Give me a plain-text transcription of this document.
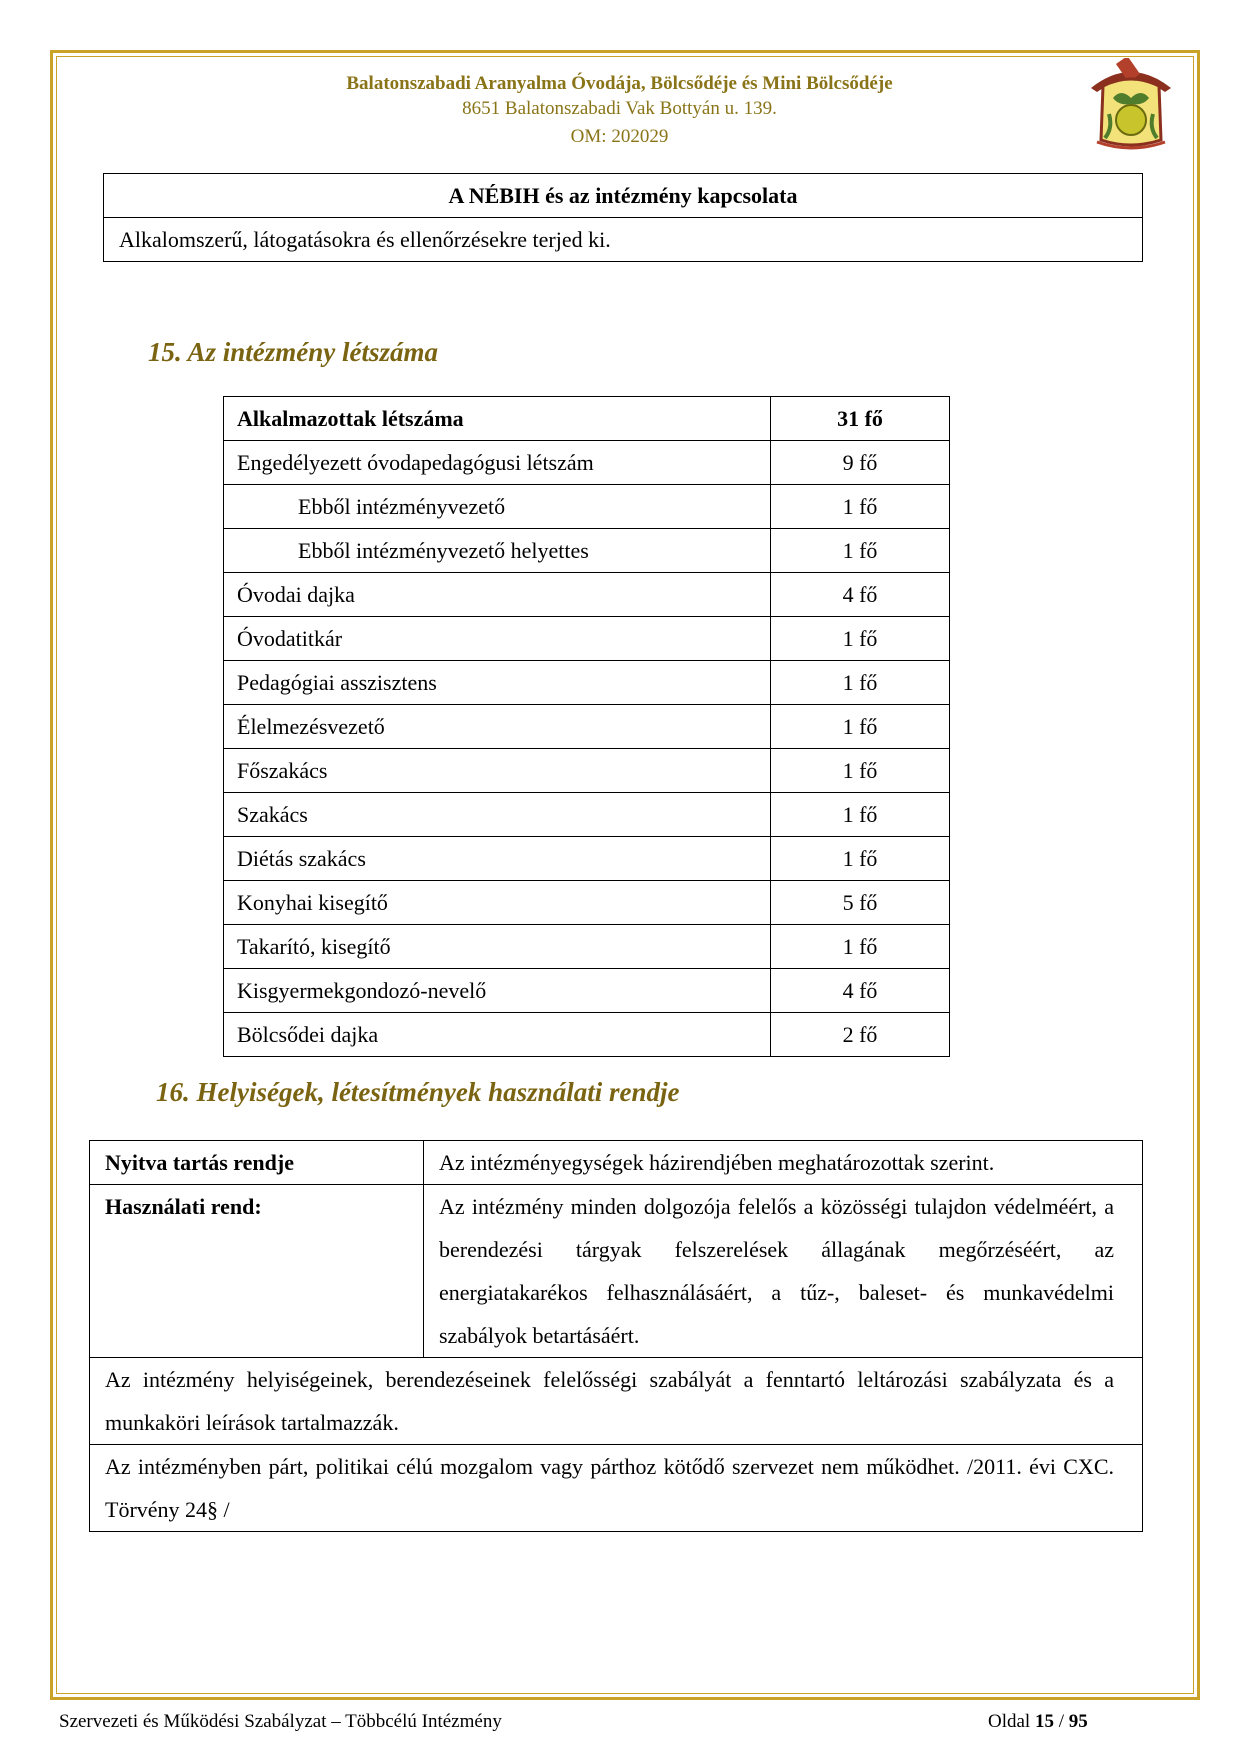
Balatonszabadi Aranyalma Óvodája, Bölcsődéje és Mini Bölcsődéje
8651 Balatonszabadi Vak Bottyán u. 139.
OM: 202029
A NÉBIH és az intézmény kapcsolata
Alkalomszerű, látogatásokra és ellenőrzésekre terjed ki.
15. Az intézmény létszáma
Alkalmazottak létszáma	31 fő
Engedélyezett óvodapedagógusi létszám	9 fő
Ebből intézményvezető	1 fő
Ebből intézményvezető helyettes	1 fő
Óvodai dajka	4 fő
Óvodatitkár	1 fő
Pedagógiai asszisztens	1 fő
Élelmezésvezető	1 fő
Főszakács	1 fő
Szakács	1 fő
Diétás szakács	1 fő
Konyhai kisegítő	5 fő
Takarító, kisegítő	1 fő
Kisgyermekgondozó-nevelő	4 fő
Bölcsődei dajka	2 fő
16. Helyiségek, létesítmények használati rendje
Nyitva tartás rendje	Az intézményegységek házirendjében meghatározottak szerint.
Használati rend:	Az intézmény minden dolgozója felelős a közösségi tulajdon védelméért, a berendezési tárgyak felszerelések állagának megőrzéséért, az energiatakarékos felhasználásáért, a tűz-, baleset- és munkavédelmi szabályok betartásáért.
Az intézmény helyiségeinek, berendezéseinek felelősségi szabályát a fenntartó leltározási szabályzata és a munkaköri leírások tartalmazzák.	
Az intézményben párt, politikai célú mozgalom vagy párthoz kötődő szervezet nem működhet. /2011. évi CXC. Törvény 24§ /	
Szervezeti és Működési Szabályzat – Többcélú Intézmény	Oldal 15 / 95
